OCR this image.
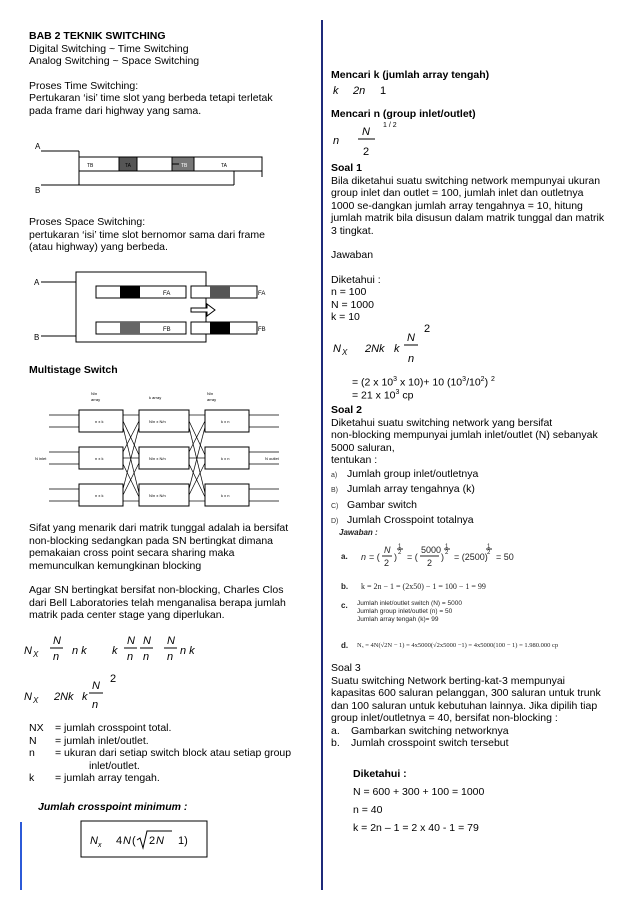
BAB 2 TEKNIK SWITCHING

Digital Switching ~ Time Switching

Analog Switching ~ Space Switching

Proses Time Switching:

Pertukaran ‘isi’ time slot yang berbeda tetapi terletak

pada frame dari highway yang sama.

A
B
TB	TA	TB	TA

Proses Space Switching:

pertukaran ‘isi’ time slot bernomor sama dari frame

(atau highway) yang berbeda.

A
B
FA
FB
FA
FB
Multistage Switch
N/n
array	k array
N/n
array
N inlet	N outlet
n x k
n x k
n x k
N/n x N/n
N/n x N/n
N/n x N/n
k x n
k x n
k x n

Sifat yang menarik dari matrik tunggal adalah ia bersifat

non-blocking sedangkan pada SN bertingkat dimana

pemakaian cross point secara sharing maka

memunculkan kemungkinan blocking

Agar SN bertingkat bersifat non-blocking, Charles Clos

dari Bell Laboratories telah menganalisa berapa jumlah

matrik pada center stage yang diperlukan.

N X
N
n n k k
N
n
N
n
N
n n k
N X 2Nk k
N
n
2
NX	= jumlah crosspoint total.
N	= jumlah inlet/outlet.
n	= ukuran dari setiap switch block atau setiap group
inlet/outlet.
k	= jumlah array tengah.
Jumlah crosspoint minimum :
N x 4 N ( 2 N 1)
Mencari k (jumlah array tengah)
k 2n 1
Mencari n (group inlet/outlet)
n
N
2
1 / 2

Soal 1

Bila diketahui suatu switching network mempunyai ukuran

group inlet dan outlet = 100, jumlah inlet dan outletnya

1000 se-dangkan jumlah array tengahnya = 10, hitung

jumlah matrik bila disusun dalam matrik tunggal dan matrik

3 tingkat.

Jawaban

Diketahui :

n = 100

N = 1000

k = 10

N X 2Nk k
N
n
2
= (2 x $10^3$ x 10)+ 10 $(10^3/10^2)$ $^2$
= 21 x $10^3$ cp

Soal 2

Diketahui suatu switching network yang bersifat

non-blocking mempunyai jumlah inlet/outlet (N) sebanyak

5000 saluran,

tentukan :

a) Jumlah group inlet/outletnya
B) Jumlah array tengahnya (k)
C) Gambar switch
D) Jumlah Crosspoint totalnya
Jawaban :
a. n = (
N
2
)
1
2 = (
5000
2
)
1
2 = (2500)
1
2 = 50
b. k = 2n − 1 = (2x50) − 1 = 100 − 1 = 99
c. Jumlah inlet/outlet switch (N) = 5000
Jumlah group inlet/outlet (n) = 50
Jumlah array tengah (k)= 99
d. Nₓ = 4N(√2N − 1) = 4x5000(√2x5000 −1) = 4x5000(100 − 1) = 1.980.000 cp

Soal 3

Suatu switching Network berting-kat-3 mempunyai

kapasitas 600 saluran pelanggan, 300 saluran untuk trunk

dan 100 saluran untuk kebutuhan lainnya. Jika dipilih tiap

group inlet/outletnya = 40, bersifat non-blocking :

a.	Gambarkan switching networknya
b.	Jumlah crosspoint switch tersebut
Diketahui :
N = 600 + 300 + 100 = 1000
n = 40
k = 2n – 1 = 2 x 40 - 1 = 79
